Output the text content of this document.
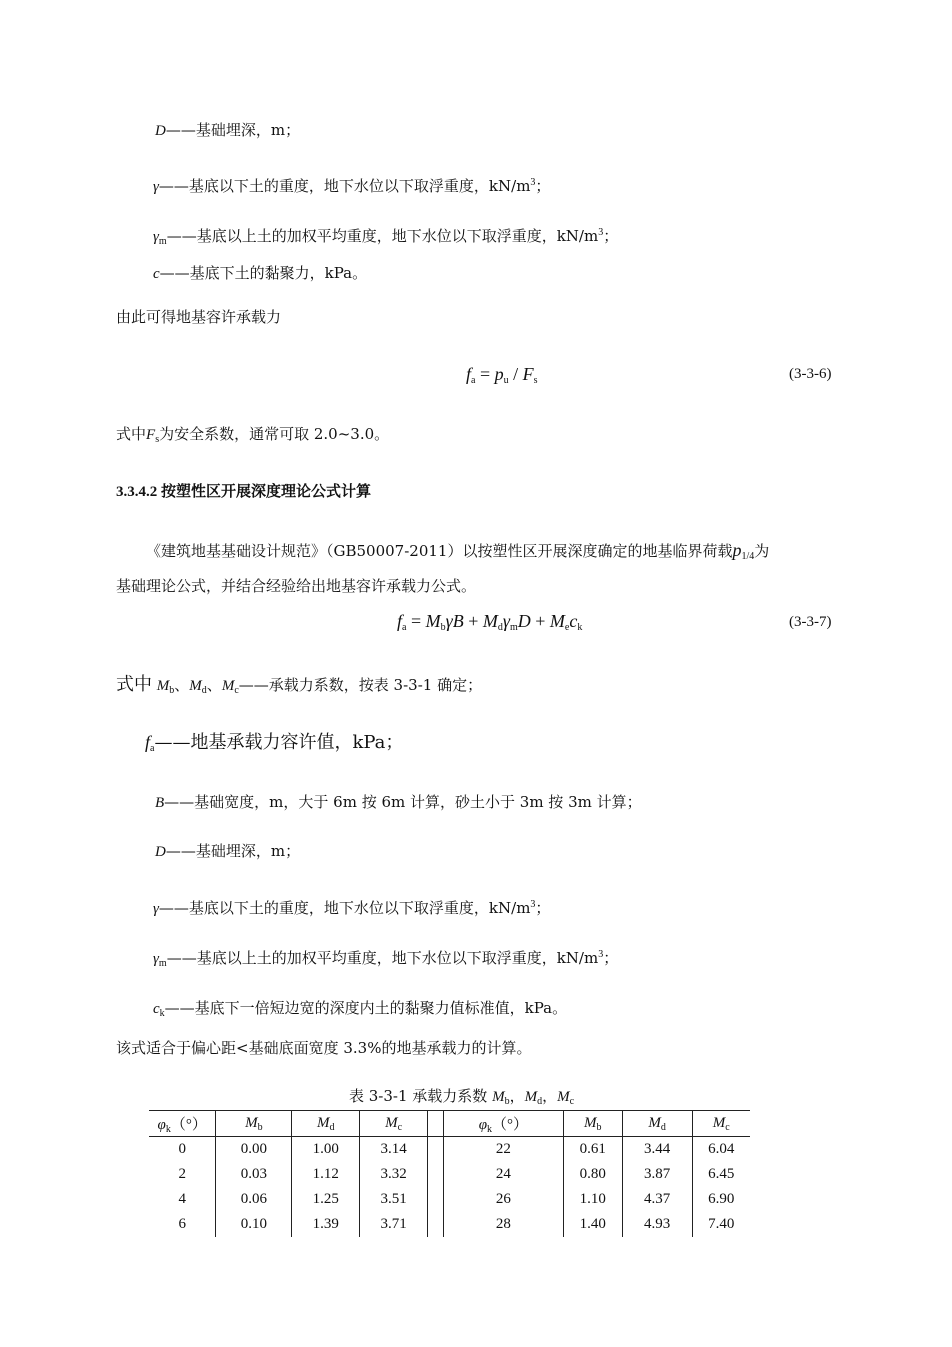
D——基础埋深，m；
γ——基底以下土的重度，地下水位以下取浮重度，$kN/m^3$；
$\gamma_m——$基底以上土的加权平均重度，地下水位以下取浮重度，$kN/m^3$；
c——基底下土的黏聚力，kPa。
由此可得地基容许承载力
$f_a = p_u / F_s$	(3-3-6)
式中$F_s$为安全系数，通常可取 2.0~3.0。
3.3.4.2 按塑性区开展深度理论公式计算
《建筑地基基础设计规范》（GB50007-2011）以按塑性区开展深度确定的地基临界荷载$p_{1/4}$为
基础理论公式，并结合经验给出地基容许承载力公式。
$f_a = M_b\gamma B + M_d\gamma_mD + M_ec_k$	(3-3-7)
式中 $M_b$、$M_d$、$M_c——$承载力系数，按表 3-3-1 确定；
$f_a——$地基承载力容许值，kPa；
B——基础宽度，m，大于 6m 按 6m 计算，砂土小于 3m 按 3m 计算；
D——基础埋深，m；
γ——基底以下土的重度，地下水位以下取浮重度，$kN/m^3$；
$\gamma_m——$基底以上土的加权平均重度，地下水位以下取浮重度，$kN/m^3$；
$c_k——$基底下一倍短边宽的深度内土的黏聚力值标准值，kPa。
该式适合于偏心距<基础底面宽度 3.3%的地基承载力的计算。
表 3-3-1 承载力系数 $M_b$，$M_d$，$M_c$
$\varphi_k(^\circ)$	$M_b$	$M_d$	$M_c$		$\varphi_k(^\circ)$	$M_b$	$M_d$	$M_c$
0	0.00	1.00	3.14		22	0.61	3.44	6.04
2	0.03	1.12	3.32		24	0.80	3.87	6.45
4	0.06	1.25	3.51		26	1.10	4.37	6.90
6	0.10	1.39	3.71		28	1.40	4.93	7.40
